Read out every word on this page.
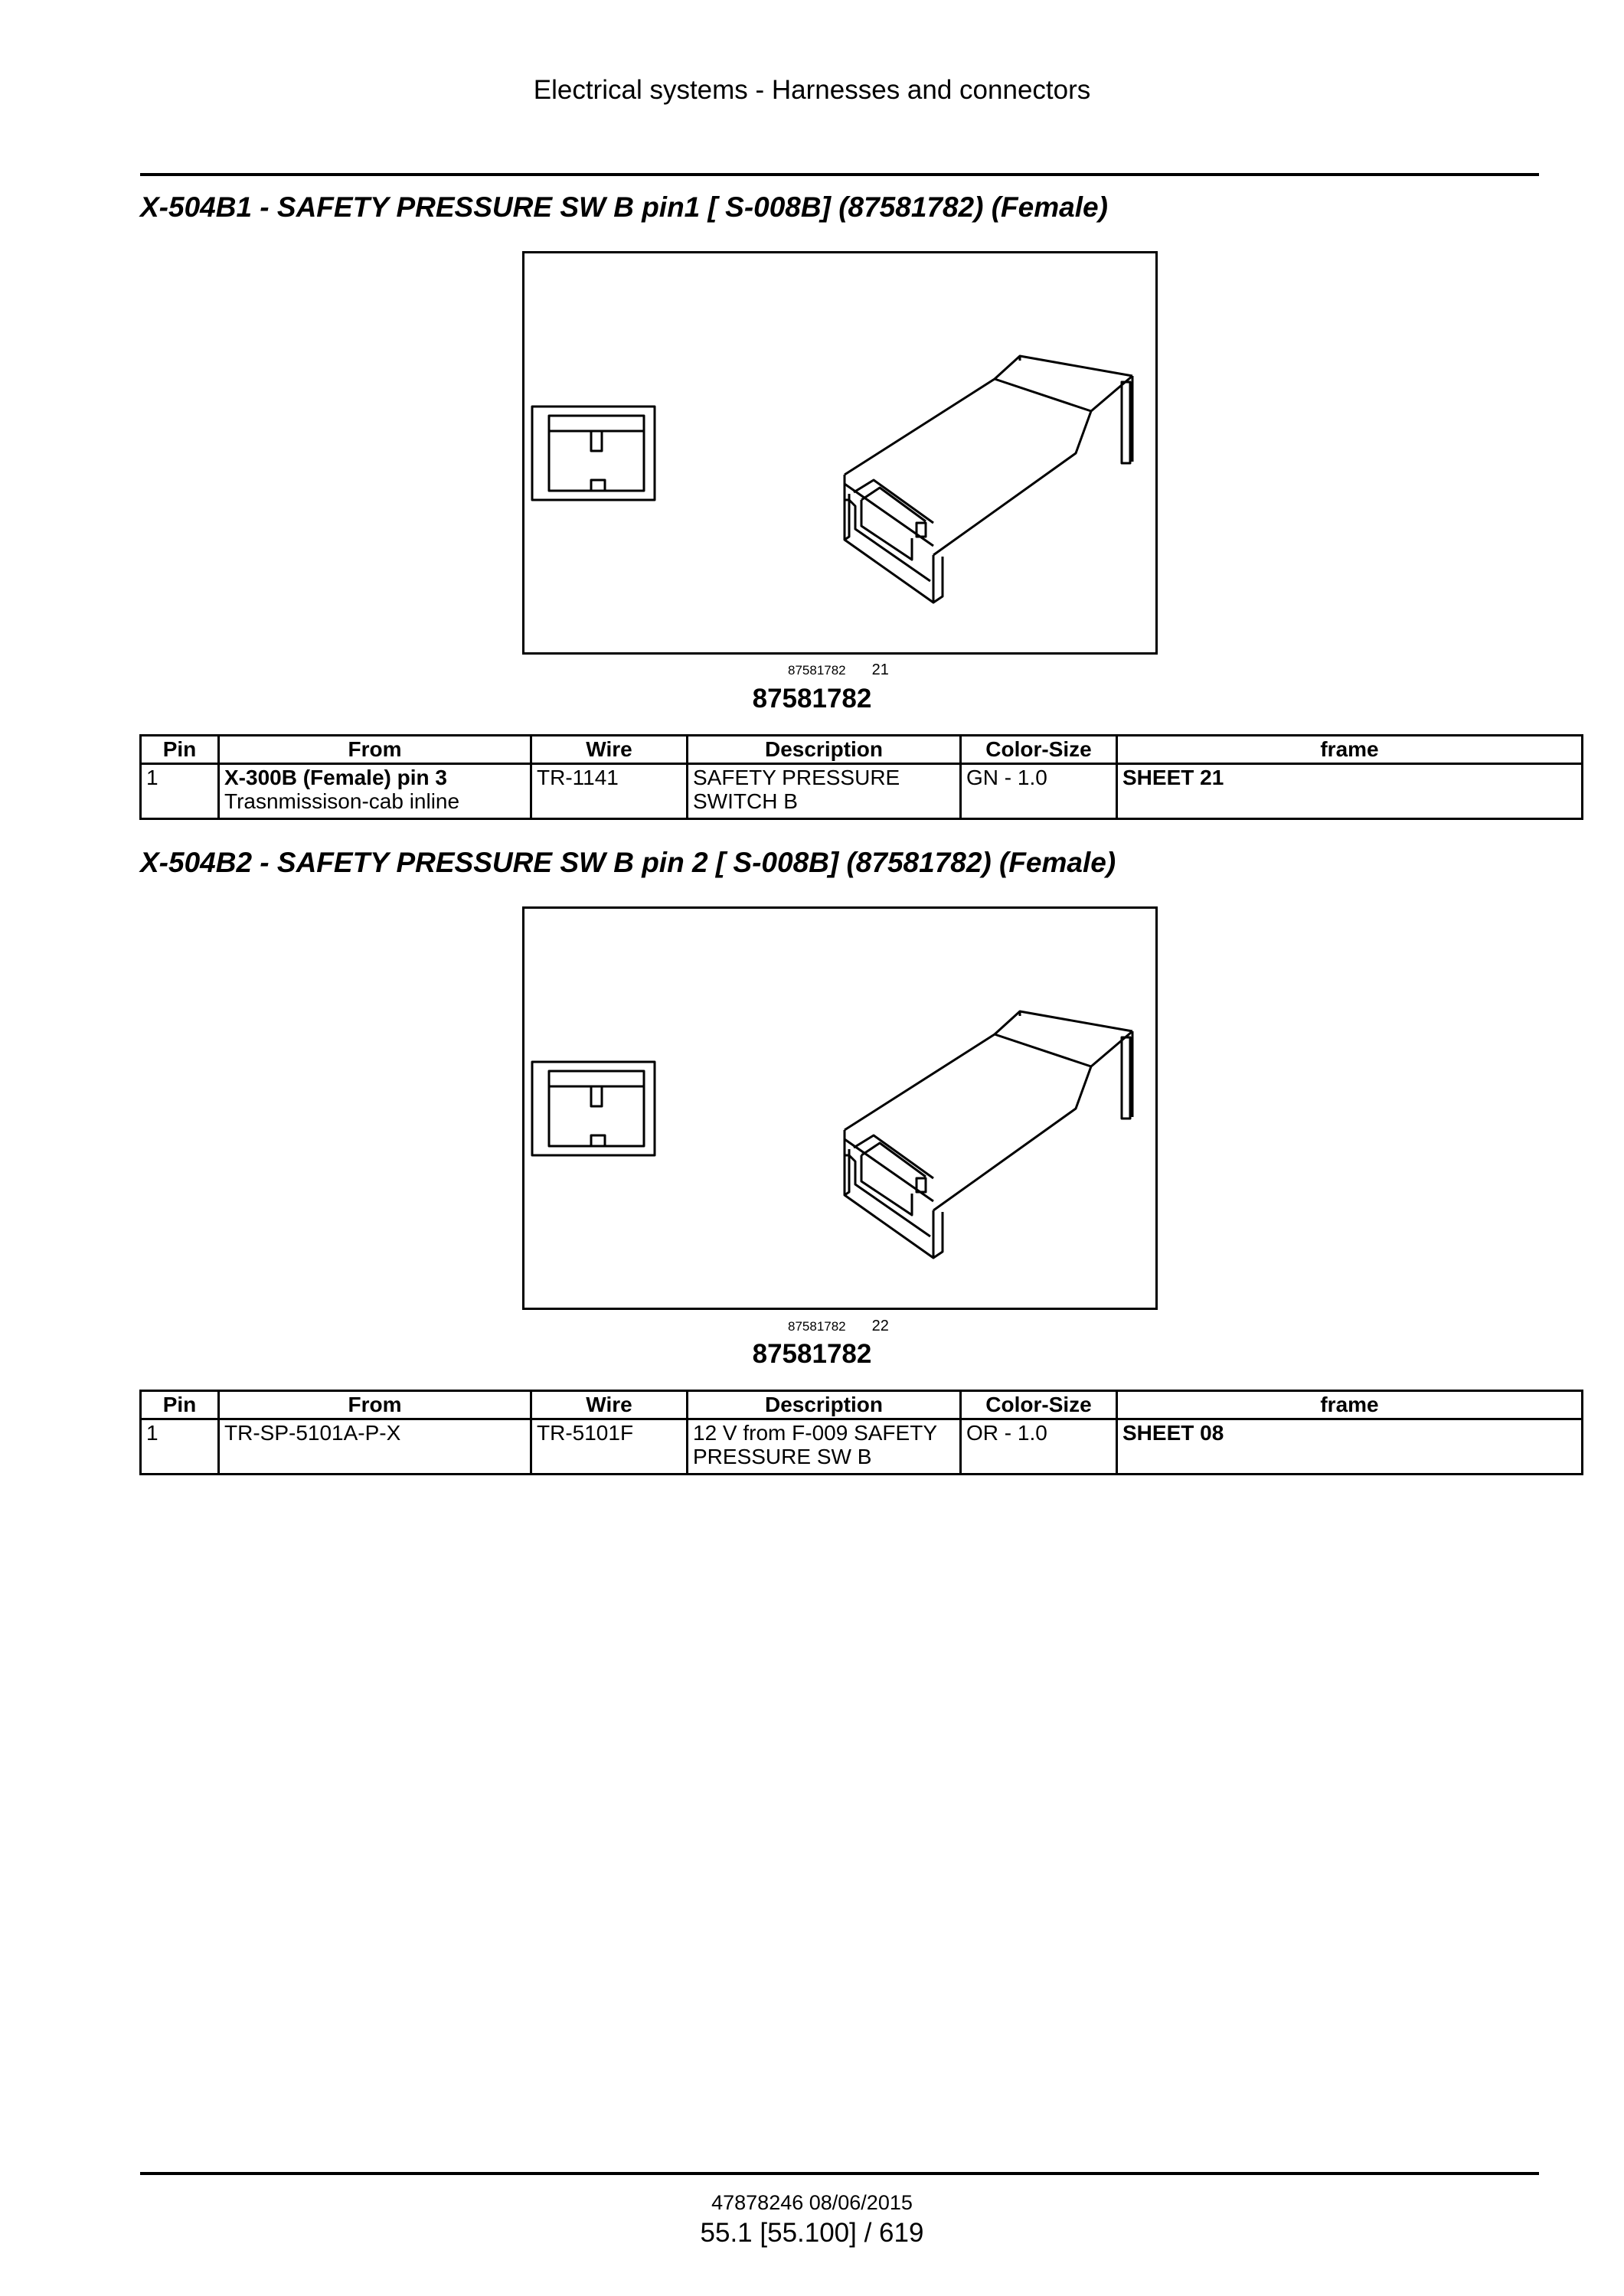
Electrical systems - Harnesses and connectors
X-504B1 - SAFETY PRESSURE SW B pin1 [ S-008B] (87581782) (Female)
87581782 21
87581782
Pin	From	Wire	Description	Color-Size	frame
1	X-300B (Female) pin 3
Trasnmissison-cab inline	TR-1141	SAFETY PRESSURE SWITCH B	GN - 1.0	SHEET 21
X-504B2 - SAFETY PRESSURE SW B pin 2 [ S-008B] (87581782) (Female)
87581782 22
87581782
Pin	From	Wire	Description	Color-Size	frame
1	TR-SP-5101A-P-X	TR-5101F	12 V from F-009 SAFETY PRESSURE SW B	OR - 1.0	SHEET 08
47878246 08/06/2015
55.1 [55.100] / 619
